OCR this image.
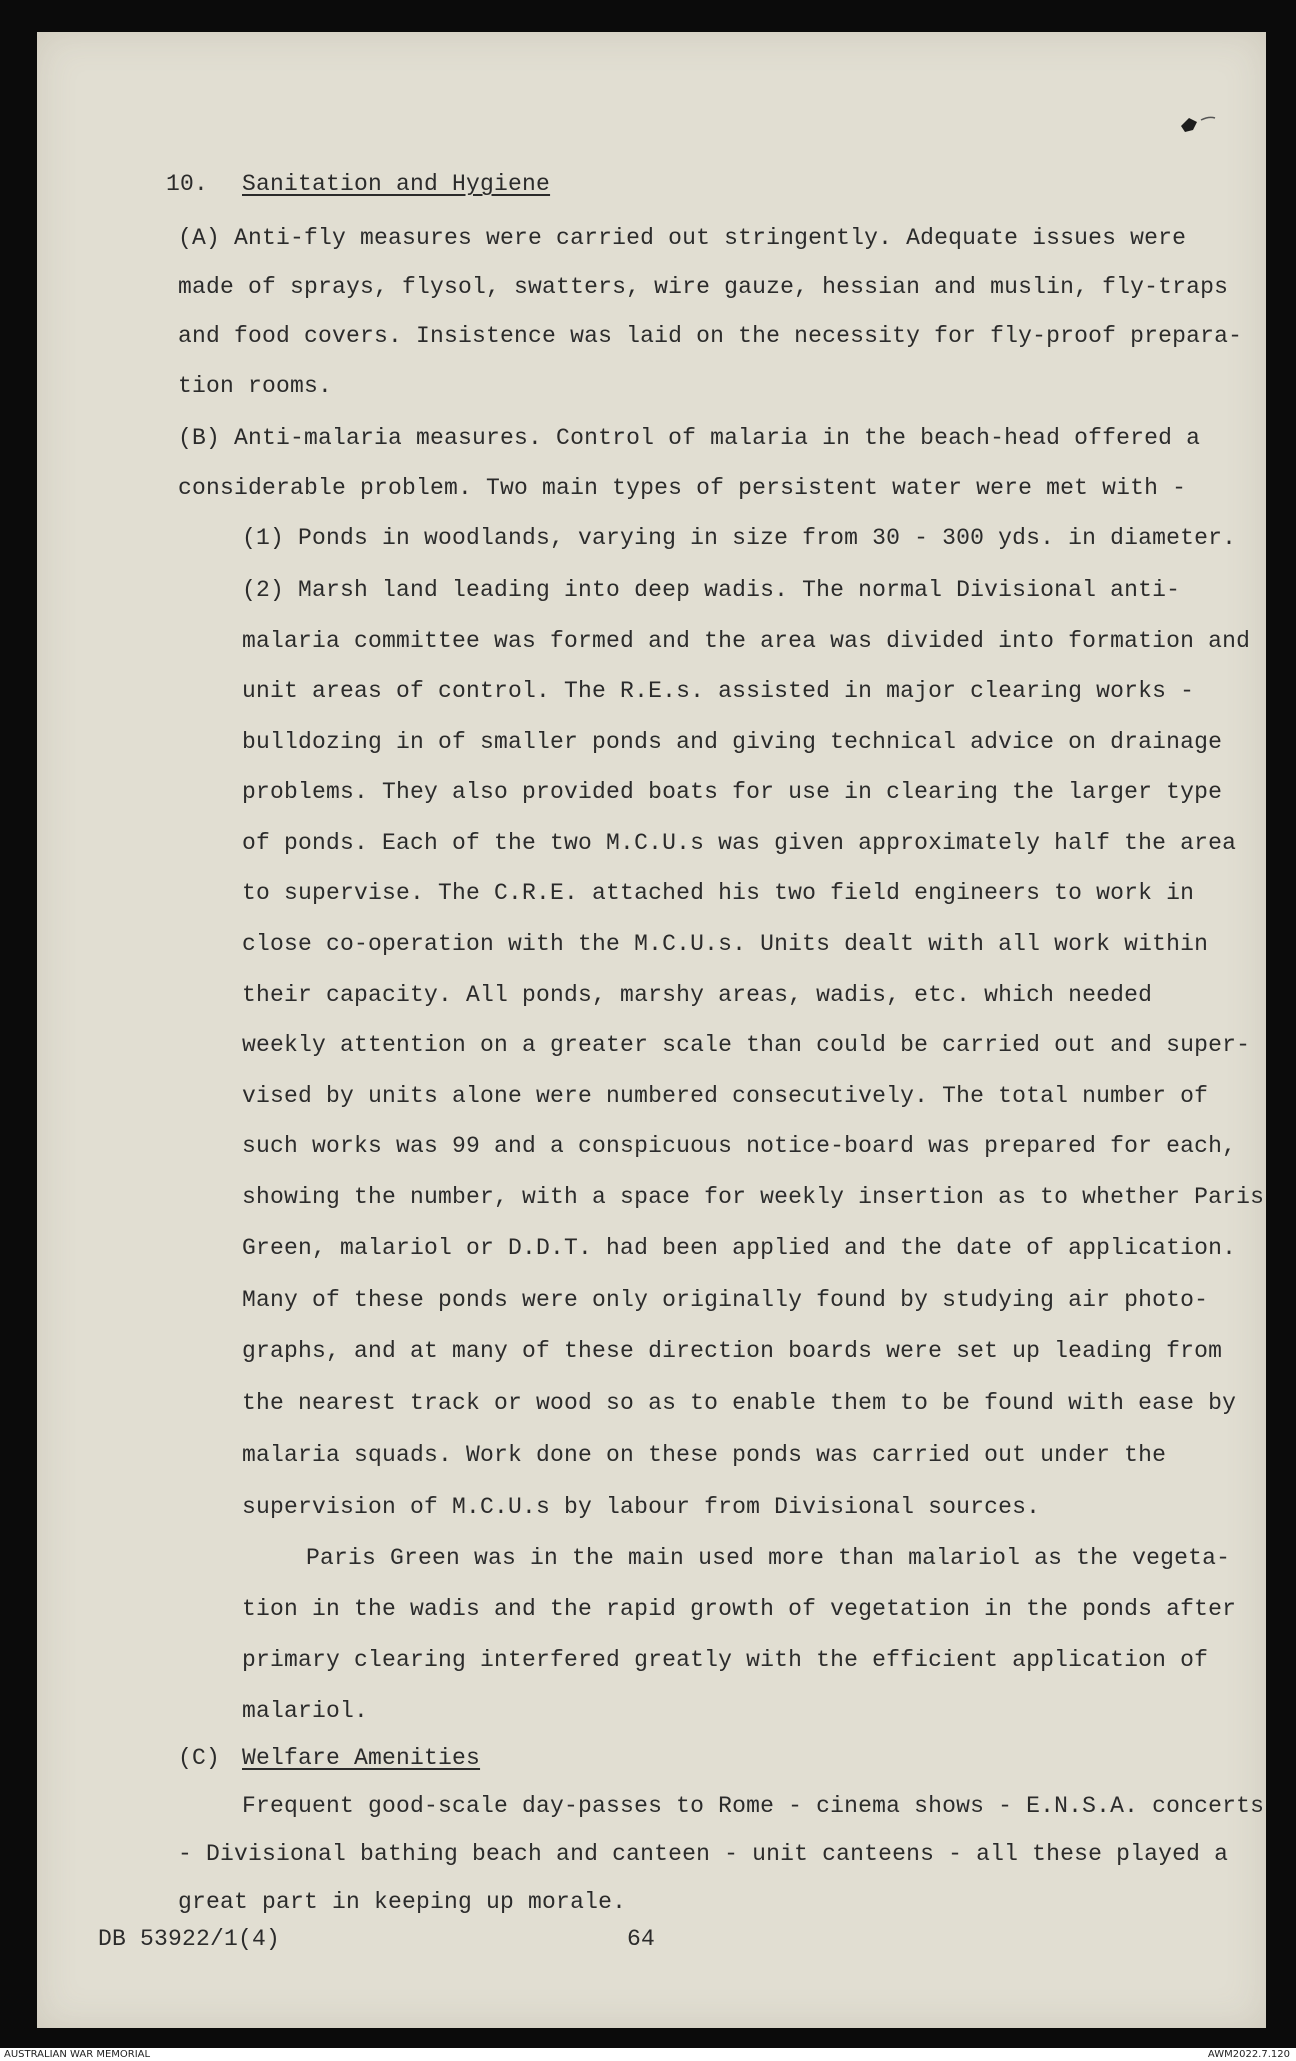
10. Sanitation and Hygiene
(A) Anti-fly measures were carried out stringently. Adequate issues were
made of sprays, flysol, swatters, wire gauze, hessian and muslin, fly-traps
and food covers. Insistence was laid on the necessity for fly-proof prepara-
tion rooms.
(B) Anti-malaria measures. Control of malaria in the beach-head offered a
considerable problem. Two main types of persistent water were met with -
(1) Ponds in woodlands, varying in size from 30 - 300 yds. in diameter.
(2) Marsh land leading into deep wadis. The normal Divisional anti-
malaria committee was formed and the area was divided into formation and
unit areas of control. The R.E.s. assisted in major clearing works -
bulldozing in of smaller ponds and giving technical advice on drainage
problems. They also provided boats for use in clearing the larger type
of ponds. Each of the two M.C.U.s was given approximately half the area
to supervise. The C.R.E. attached his two field engineers to work in
close co-operation with the M.C.U.s. Units dealt with all work within
their capacity. All ponds, marshy areas, wadis, etc. which needed
weekly attention on a greater scale than could be carried out and super-
vised by units alone were numbered consecutively. The total number of
such works was 99 and a conspicuous notice-board was prepared for each,
showing the number, with a space for weekly insertion as to whether Paris
Green, malariol or D.D.T. had been applied and the date of application.
Many of these ponds were only originally found by studying air photo-
graphs, and at many of these direction boards were set up leading from
the nearest track or wood so as to enable them to be found with ease by
malaria squads. Work done on these ponds was carried out under the
supervision of M.C.U.s by labour from Divisional sources.
Paris Green was in the main used more than malariol as the vegeta-
tion in the wadis and the rapid growth of vegetation in the ponds after
primary clearing interfered greatly with the efficient application of
malariol.
(C) Welfare Amenities
Frequent good-scale day-passes to Rome - cinema shows - E.N.S.A. concerts
- Divisional bathing beach and canteen - unit canteens - all these played a
great part in keeping up morale.
DB 53922/1(4)	64
AUSTRALIAN WAR MEMORIAL	AWM2022.7.120
